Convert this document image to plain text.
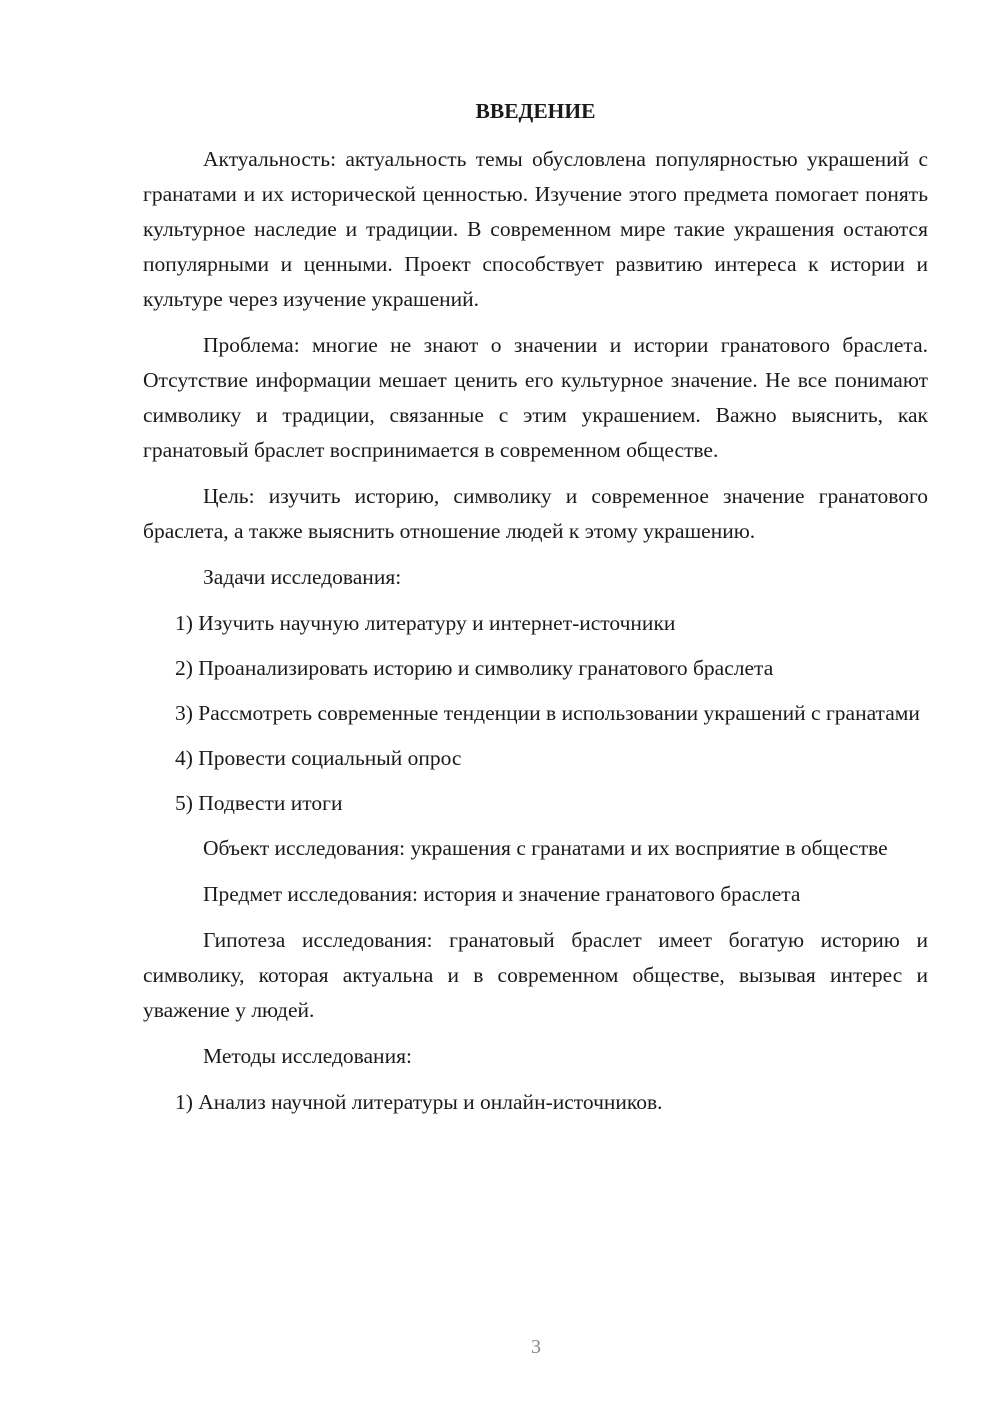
ВВЕДЕНИЕ

Актуальность: актуальность темы обусловлена популярностью украшений с гранатами и их исторической ценностью. Изучение этого предмета помогает понять культурное наследие и традиции. В современном мире такие украшения остаются популярными и ценными. Проект способствует развитию интереса к истории и культуре через изучение украшений.

Проблема: многие не знают о значении и истории гранатового браслета. Отсутствие информации мешает ценить его культурное значение. Не все понимают символику и традиции, связанные с этим украшением. Важно выяснить, как гранатовый браслет воспринимается в современном обществе.

Цель: изучить историю, символику и современное значение гранатового браслета, а также выяснить отношение людей к этому украшению.

Задачи исследования:

1) Изучить научную литературу и интернет-источники

2) Проанализировать историю и символику гранатового браслета

3) Рассмотреть современные тенденции в использовании украшений с гранатами

4) Провести социальный опрос

5) Подвести итоги

Объект исследования: украшения с гранатами и их восприятие в обществе

Предмет исследования: история и значение гранатового браслета

Гипотеза исследования: гранатовый браслет имеет богатую историю и символику, которая актуальна и в современном обществе, вызывая интерес и уважение у людей.

Методы исследования:

1) Анализ научной литературы и онлайн-источников.

3
